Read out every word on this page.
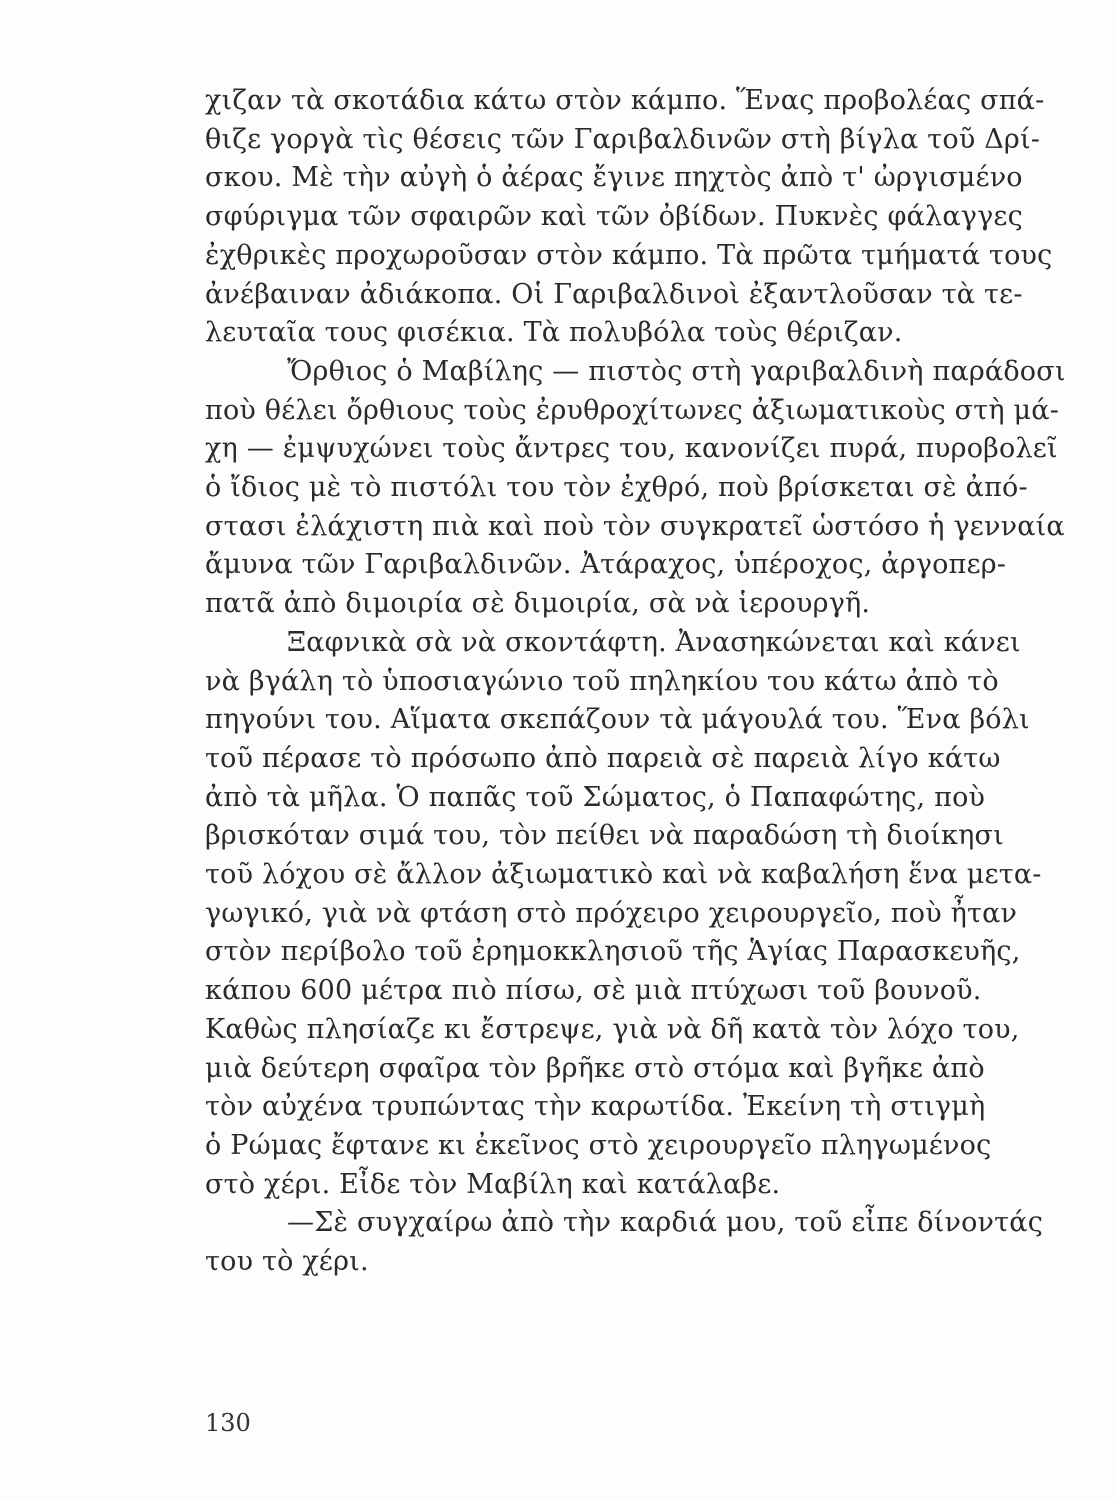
χιζαν τὰ σκοτάδια κάτω στὸν κάμπο. Ἕνας προβολέας σπά-
θιζε γοργὰ τὶς θέσεις τῶν Γαριβαλδινῶν στὴ βίγλα τοῦ Δρί-
σκου. Μὲ τὴν αὐγὴ ὁ ἀέρας ἔγινε πηχτὸς ἀπὸ τ' ὠργισμένο
σφύριγμα τῶν σφαιρῶν καὶ τῶν ὀβίδων. Πυκνὲς φάλαγγες
ἐχθρικὲς προχωροῦσαν στὸν κάμπο. Τὰ πρῶτα τμήματά τους
ἀνέβαιναν ἀδιάκοπα. Οἱ Γαριβαλδινοὶ ἐξαντλοῦσαν τὰ τε-
λευταῖα τους φισέκια. Τὰ πολυβόλα τοὺς θέριζαν.
Ὄρθιος ὁ Μαβίλης — πιστὸς στὴ γαριβαλδινὴ παράδοσι
ποὺ θέλει ὄρθιους τοὺς ἐρυθροχίτωνες ἀξιωματικοὺς στὴ μά-
χη — ἐμψυχώνει τοὺς ἄντρες του, κανονίζει πυρά, πυροβολεῖ
ὁ ἴδιος μὲ τὸ πιστόλι του τὸν ἐχθρό, ποὺ βρίσκεται σὲ ἀπό-
στασι ἐλάχιστη πιὰ καὶ ποὺ τὸν συγκρατεῖ ὡστόσο ἡ γενναία
ἄμυνα τῶν Γαριβαλδινῶν. Ἀτάραχος, ὑπέροχος, ἀργοπερ-
πατᾶ ἀπὸ διμοιρία σὲ διμοιρία, σὰ νὰ ἱερουργῆ.
Ξαφνικὰ σὰ νὰ σκοντάφτη. Ἀνασηκώνεται καὶ κάνει
νὰ βγάλη τὸ ὑποσιαγώνιο τοῦ πηληκίου του κάτω ἀπὸ τὸ
πηγούνι του. Αἵματα σκεπάζουν τὰ μάγουλά του. Ἕνα βόλι
τοῦ πέρασε τὸ πρόσωπο ἀπὸ παρειὰ σὲ παρειὰ λίγο κάτω
ἀπὸ τὰ μῆλα. Ὁ παπᾶς τοῦ Σώματος, ὁ Παπαφώτης, ποὺ
βρισκόταν σιμά του, τὸν πείθει νὰ παραδώση τὴ διοίκησι
τοῦ λόχου σὲ ἄλλον ἀξιωματικὸ καὶ νὰ καβαλήση ἕνα μετα-
γωγικό, γιὰ νὰ φτάση στὸ πρόχειρο χειρουργεῖο, ποὺ ἦταν
στὸν περίβολο τοῦ ἐρημοκκλησιοῦ τῆς Ἁγίας Παρασκευῆς,
κάπου 600 μέτρα πιὸ πίσω, σὲ μιὰ πτύχωσι τοῦ βουνοῦ.
Καθὼς πλησίαζε κι ἔστρεψε, γιὰ νὰ δῆ κατὰ τὸν λόχο του,
μιὰ δεύτερη σφαῖρα τὸν βρῆκε στὸ στόμα καὶ βγῆκε ἀπὸ
τὸν αὐχένα τρυπώντας τὴν καρωτίδα. Ἐκείνη τὴ στιγμὴ
ὁ Ρώμας ἔφτανε κι ἐκεῖνος στὸ χειρουργεῖο πληγωμένος
στὸ χέρι. Εἶδε τὸν Μαβίλη καὶ κατάλαβε.
—Σὲ συγχαίρω ἀπὸ τὴν καρδιά μου, τοῦ εἶπε δίνοντάς
του τὸ χέρι.
130
